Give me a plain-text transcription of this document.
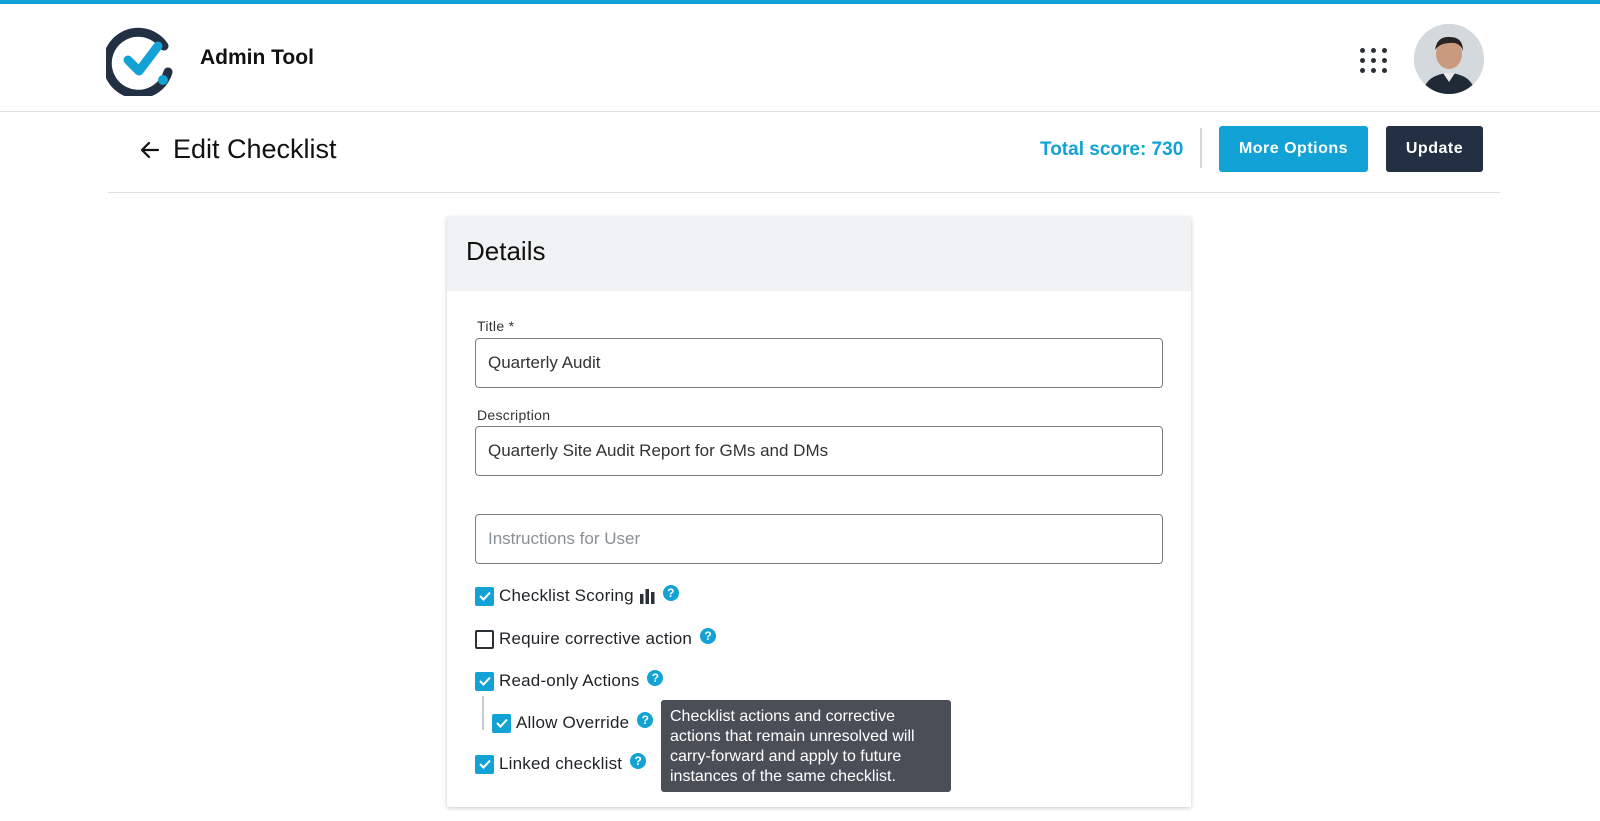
Admin Tool
Edit Checklist	Total score: 730	More Options	Update
Details
Title *
Quarterly Audit
Description
Quarterly Site Audit Report for GMs and DMs
Instructions for User
Checklist Scoring	?
Require corrective action	?
Read-only Actions	?
Allow Override	?
Linked checklist	?
Checklist actions and corrective
actions that remain unresolved will
carry-forward and apply to future
instances of the same checklist.
